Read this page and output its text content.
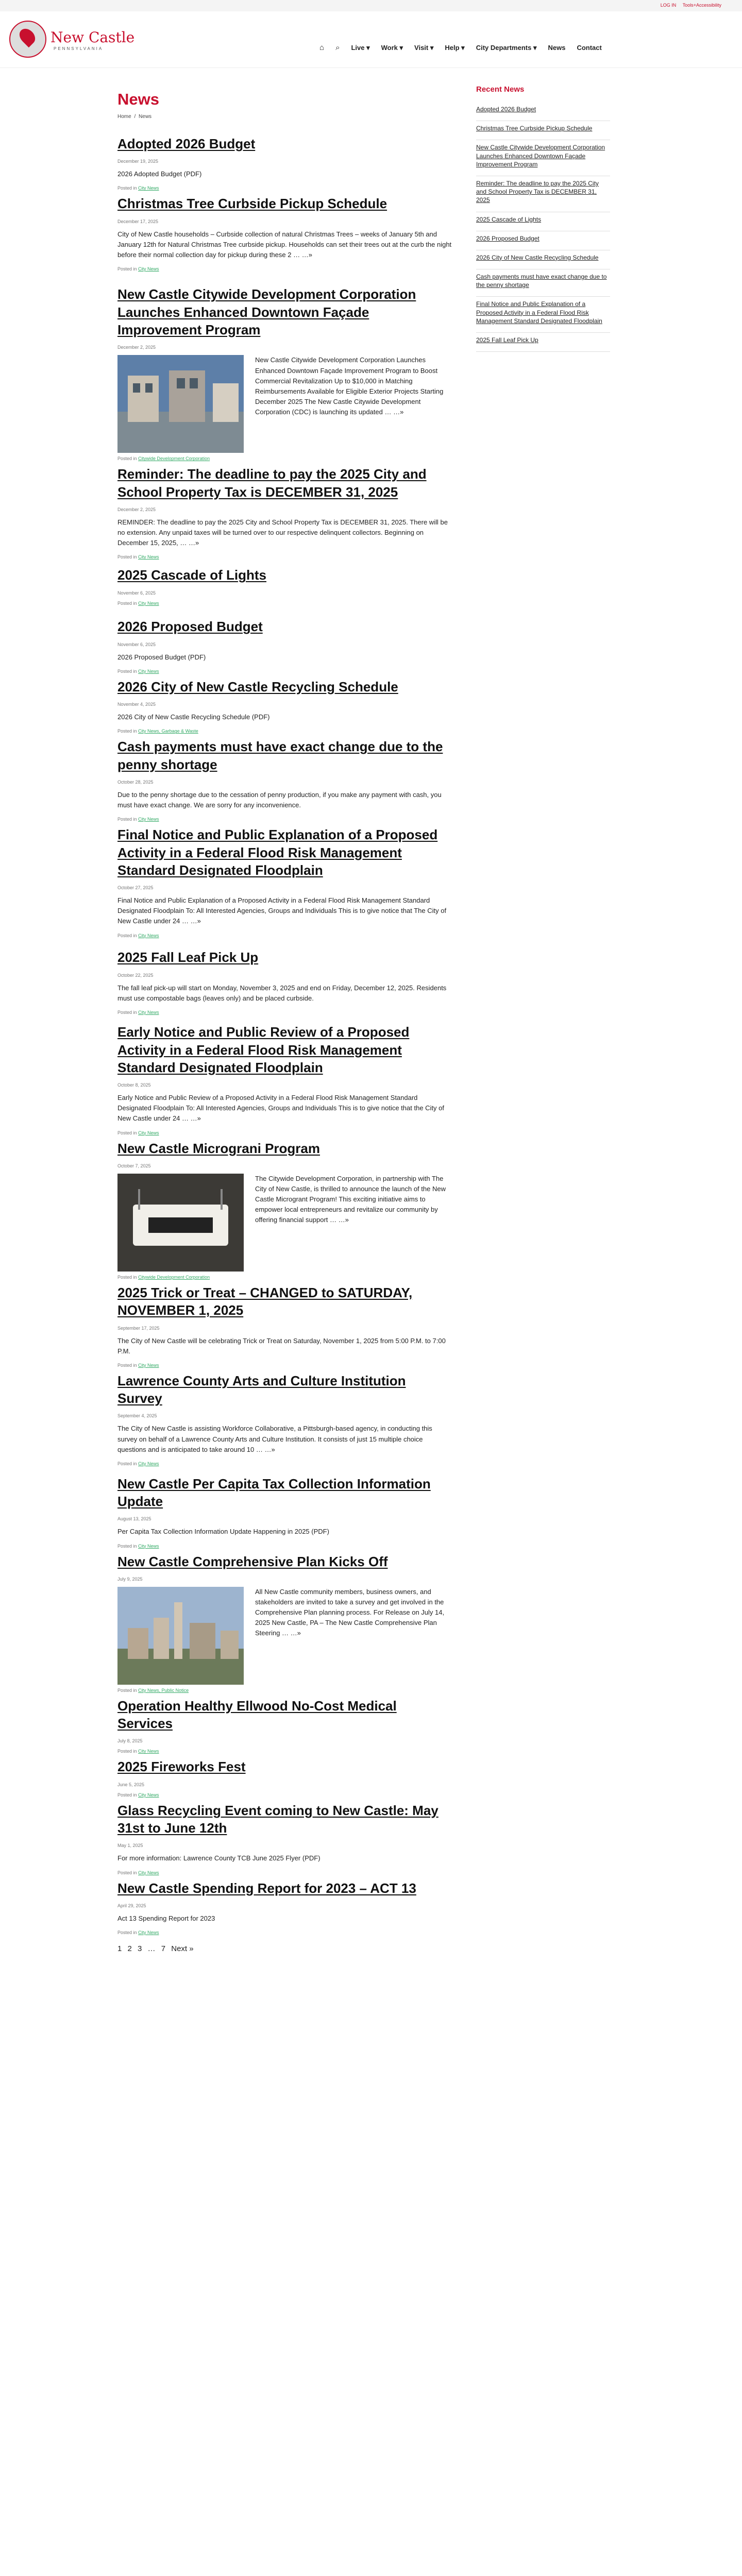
LOG IN Tools+Accessibility
New Castle
PENNSYLVANIA	⌂ ⌕ Live ▾ Work ▾ Visit ▾ Help ▾ City Departments ▾ News Contact
News
Home / News
Adopted 2026 Budget
December 19, 2025
2026 Adopted Budget (PDF)
Posted in City News
Christmas Tree Curbside Pickup Schedule
December 17, 2025
City of New Castle households – Curbside collection of natural Christmas Trees – weeks of January 5th and January 12th for Natural Christmas Tree curbside pickup. Households can set their trees out at the curb the night before their normal collection day for pickup during these 2 … …»
Posted in City News
New Castle Citywide Development Corporation Launches Enhanced Downtown Façade Improvement Program
December 2, 2025
New Castle Citywide Development Corporation Launches Enhanced Downtown Façade Improvement Program to Boost Commercial Revitalization Up to $10,000 in Matching Reimbursements Available for Eligible Exterior Projects Starting December 2025 The New Castle Citywide Development Corporation (CDC) is launching its updated … …»
Posted in Citywide Development Corporation
Reminder: The deadline to pay the 2025 City and School Property Tax is DECEMBER 31, 2025
December 2, 2025
REMINDER: The deadline to pay the 2025 City and School Property Tax is DECEMBER 31, 2025. There will be no extension. Any unpaid taxes will be turned over to our respective delinquent collectors. Beginning on December 15, 2025, … …»
Posted in City News
2025 Cascade of Lights
November 6, 2025
Posted in City News
2026 Proposed Budget
November 6, 2025
2026 Proposed Budget (PDF)
Posted in City News
2026 City of New Castle Recycling Schedule
November 4, 2025
2026 City of New Castle Recycling Schedule (PDF)
Posted in City News, Garbage & Waste
Cash payments must have exact change due to the penny shortage
October 28, 2025
Due to the penny shortage due to the cessation of penny production, if you make any payment with cash, you must have exact change. We are sorry for any inconvenience.
Posted in City News
Final Notice and Public Explanation of a Proposed Activity in a Federal Flood Risk Management Standard Designated Floodplain
October 27, 2025
Final Notice and Public Explanation of a Proposed Activity in a Federal Flood Risk Management Standard Designated Floodplain To: All Interested Agencies, Groups and Individuals This is to give notice that The City of New Castle under 24 … …»
Posted in City News
2025 Fall Leaf Pick Up
October 22, 2025
The fall leaf pick-up will start on Monday, November 3, 2025 and end on Friday, December 12, 2025. Residents must use compostable bags (leaves only) and be placed curbside.
Posted in City News
Early Notice and Public Review of a Proposed Activity in a Federal Flood Risk Management Standard Designated Floodplain
October 8, 2025
Early Notice and Public Review of a Proposed Activity in a Federal Flood Risk Management Standard Designated Floodplain To: All Interested Agencies, Groups and Individuals This is to give notice that the City of New Castle under 24 … …»
Posted in City News
New Castle Micrograni Program
October 7, 2025
The Citywide Development Corporation, in partnership with The City of New Castle, is thrilled to announce the launch of the New Castle Microgrant Program! This exciting initiative aims to empower local entrepreneurs and revitalize our community by offering financial support … …»
Posted in Citywide Development Corporation
2025 Trick or Treat – CHANGED to SATURDAY, NOVEMBER 1, 2025
September 17, 2025
The City of New Castle will be celebrating Trick or Treat on Saturday, November 1, 2025 from 5:00 P.M. to 7:00 P.M.
Posted in City News
Lawrence County Arts and Culture Institution Survey
September 4, 2025
The City of New Castle is assisting Workforce Collaborative, a Pittsburgh-based agency, in conducting this survey on behalf of a Lawrence County Arts and Culture Institution. It consists of just 15 multiple choice questions and is anticipated to take around 10 … …»
Posted in City News
New Castle Per Capita Tax Collection Information Update
August 13, 2025
Per Capita Tax Collection Information Update Happening in 2025 (PDF)
Posted in City News
New Castle Comprehensive Plan Kicks Off
July 9, 2025
All New Castle community members, business owners, and stakeholders are invited to take a survey and get involved in the Comprehensive Plan planning process. For Release on July 14, 2025 New Castle, PA – The New Castle Comprehensive Plan Steering … …»
Posted in City News, Public Notice
Operation Healthy Ellwood No-Cost Medical Services
July 8, 2025
Posted in City News
2025 Fireworks Fest
June 5, 2025
Posted in City News
Glass Recycling Event coming to New Castle: May 31st to June 12th
May 1, 2025
For more information: Lawrence County TCB June 2025 Flyer (PDF)
Posted in City News
New Castle Spending Report for 2023 – ACT 13
April 29, 2025
Act 13 Spending Report for 2023
Posted in City News
1 2 3 … 7 Next »
Recent News
Adopted 2026 Budget
Christmas Tree Curbside Pickup Schedule
New Castle Citywide Development Corporation Launches Enhanced Downtown Façade Improvement Program
Reminder: The deadline to pay the 2025 City and School Property Tax is DECEMBER 31, 2025
2025 Cascade of Lights
2026 Proposed Budget
2026 City of New Castle Recycling Schedule
Cash payments must have exact change due to the penny shortage
Final Notice and Public Explanation of a Proposed Activity in a Federal Flood Risk Management Standard Designated Floodplain
2025 Fall Leaf Pick Up
